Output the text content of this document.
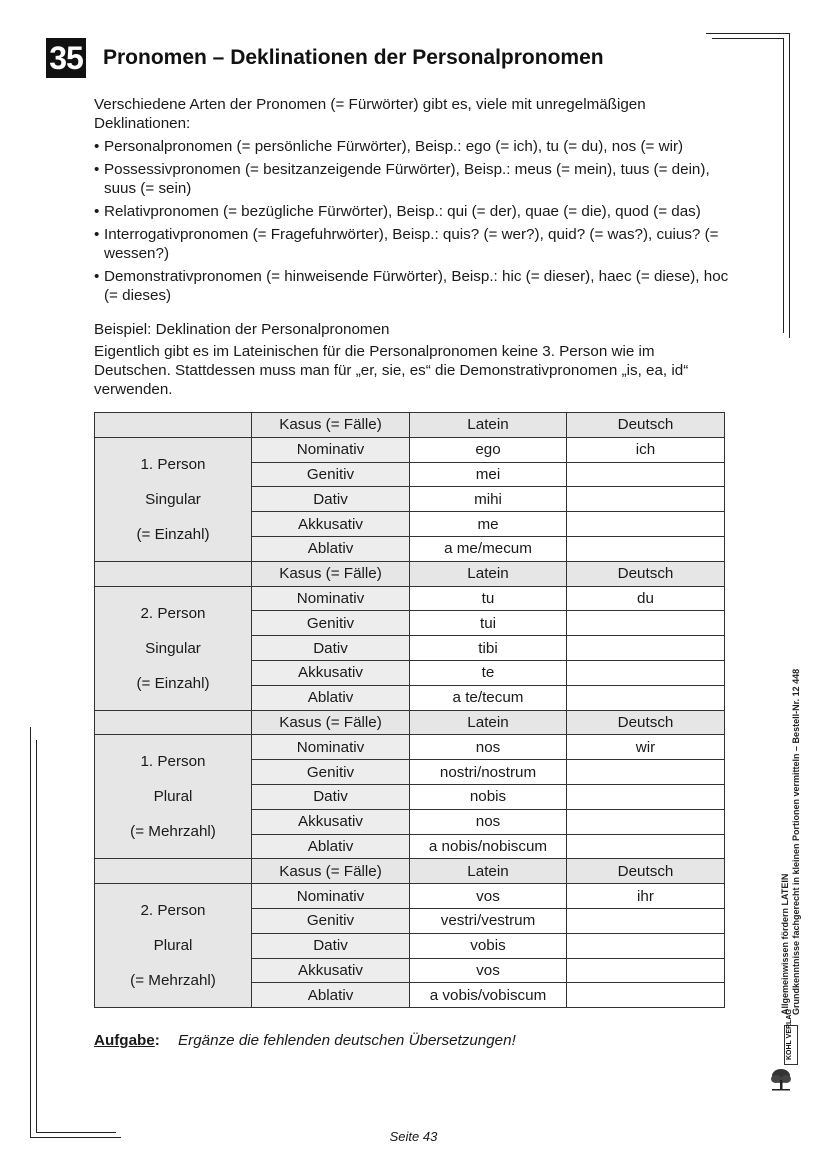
35 Pronomen – Deklinationen der Personalpronomen

Verschiedene Arten der Pronomen (= Fürwörter) gibt es, viele mit unregelmäßigen Deklinationen:

• Personalpronomen (= persönliche Fürwörter), Beisp.: ego (= ich), tu (= du), nos (= wir)
• Possessivpronomen (= besitzanzeigende Fürwörter), Beisp.: meus (= mein), tuus (= dein), suus (= sein)
• Relativpronomen (= bezügliche Fürwörter), Beisp.: qui (= der), quae (= die), quod (= das)
• Interrogativpronomen (= Fragefuhrwörter), Beisp.: quis? (= wer?), quid? (= was?), cuius? (= wessen?)
• Demonstrativpronomen (= hinweisende Fürwörter), Beisp.: hic (= dieser), haec (= diese), hoc (= dieses)

Beispiel: Deklination der Personalpronomen

Eigentlich gibt es im Lateinischen für die Personalpronomen keine 3. Person wie im Deutschen. Stattdessen muss man für „er, sie, es“ die Demonstrativpronomen „is, ea, id“ verwenden.

	Kasus (= Fälle)	Latein	Deutsch

1. Person
Singular
(= Einzahl)	Nominativ	ego	ich
	Genitiv	mei	
	Dativ	mihi	
	Akkusativ	me	
	Ablativ	a me/mecum	
	Kasus (= Fälle)	Latein	Deutsch

2. Person
Singular
(= Einzahl)	Nominativ	tu	du
	Genitiv	tui	
	Dativ	tibi	
	Akkusativ	te	
	Ablativ	a te/tecum	
	Kasus (= Fälle)	Latein	Deutsch

1. Person
Plural
(= Mehrzahl)	Nominativ	nos	wir
	Genitiv	nostri/nostrum	
	Dativ	nobis	
	Akkusativ	nos	
	Ablativ	a nobis/nobiscum	
	Kasus (= Fälle)	Latein	Deutsch

2. Person
Plural
(= Mehrzahl)	Nominativ	vos	ihr
	Genitiv	vestri/vestrum	
	Dativ	vobis	
	Akkusativ	vos	
	Ablativ	a vobis/vobiscum	
Aufgabe: Ergänze die fehlenden deutschen Übersetzungen!
Seite 43
Allgemeinwissen fördern LATEIN Grundkenntnisse fachgerecht in kleinen Portionen vermitteln – Bestell-Nr. 12 448
KOHL VERLAG
